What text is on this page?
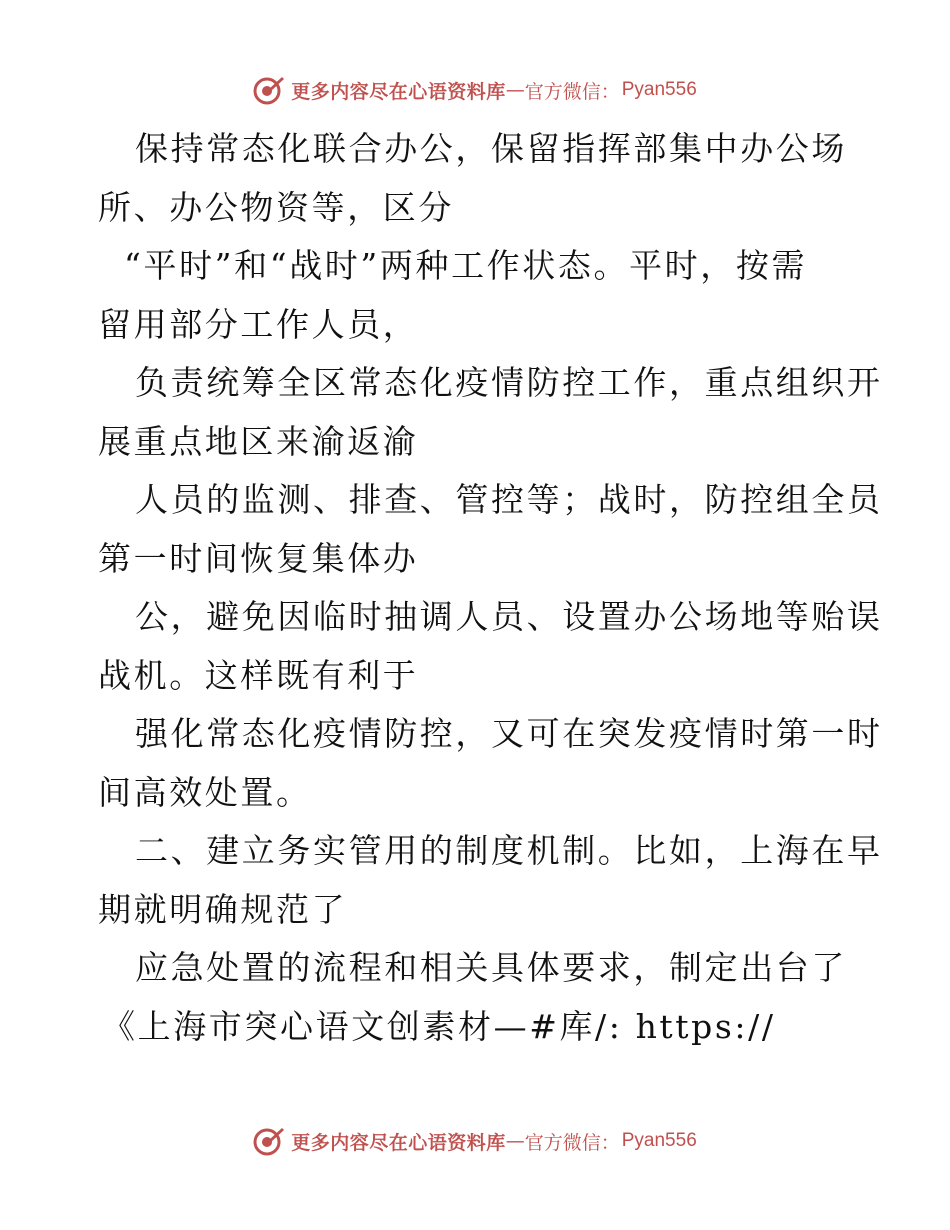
更多内容尽在心语资料库 — 官方微信： Pyan556
保持常态化联合办公，保留指挥部集中办公场
所、办公物资等，区分
“平时”和“战时”两种工作状态。平时，按需
留用部分工作人员，
负责统筹全区常态化疫情防控工作，重点组织开
展重点地区来渝返渝
人员的监测、排查、管控等；战时，防控组全员
第一时间恢复集体办
公，避免因临时抽调人员、设置办公场地等贻误
战机。这样既有利于
强化常态化疫情防控，又可在突发疫情时第一时
间高效处置。
二、建立务实管用的制度机制。比如，上海在早
期就明确规范了
应急处置的流程和相关具体要求，制定出台了
《上海市突心语文创素材—#库/: https://
更多内容尽在心语资料库 — 官方微信： Pyan556
